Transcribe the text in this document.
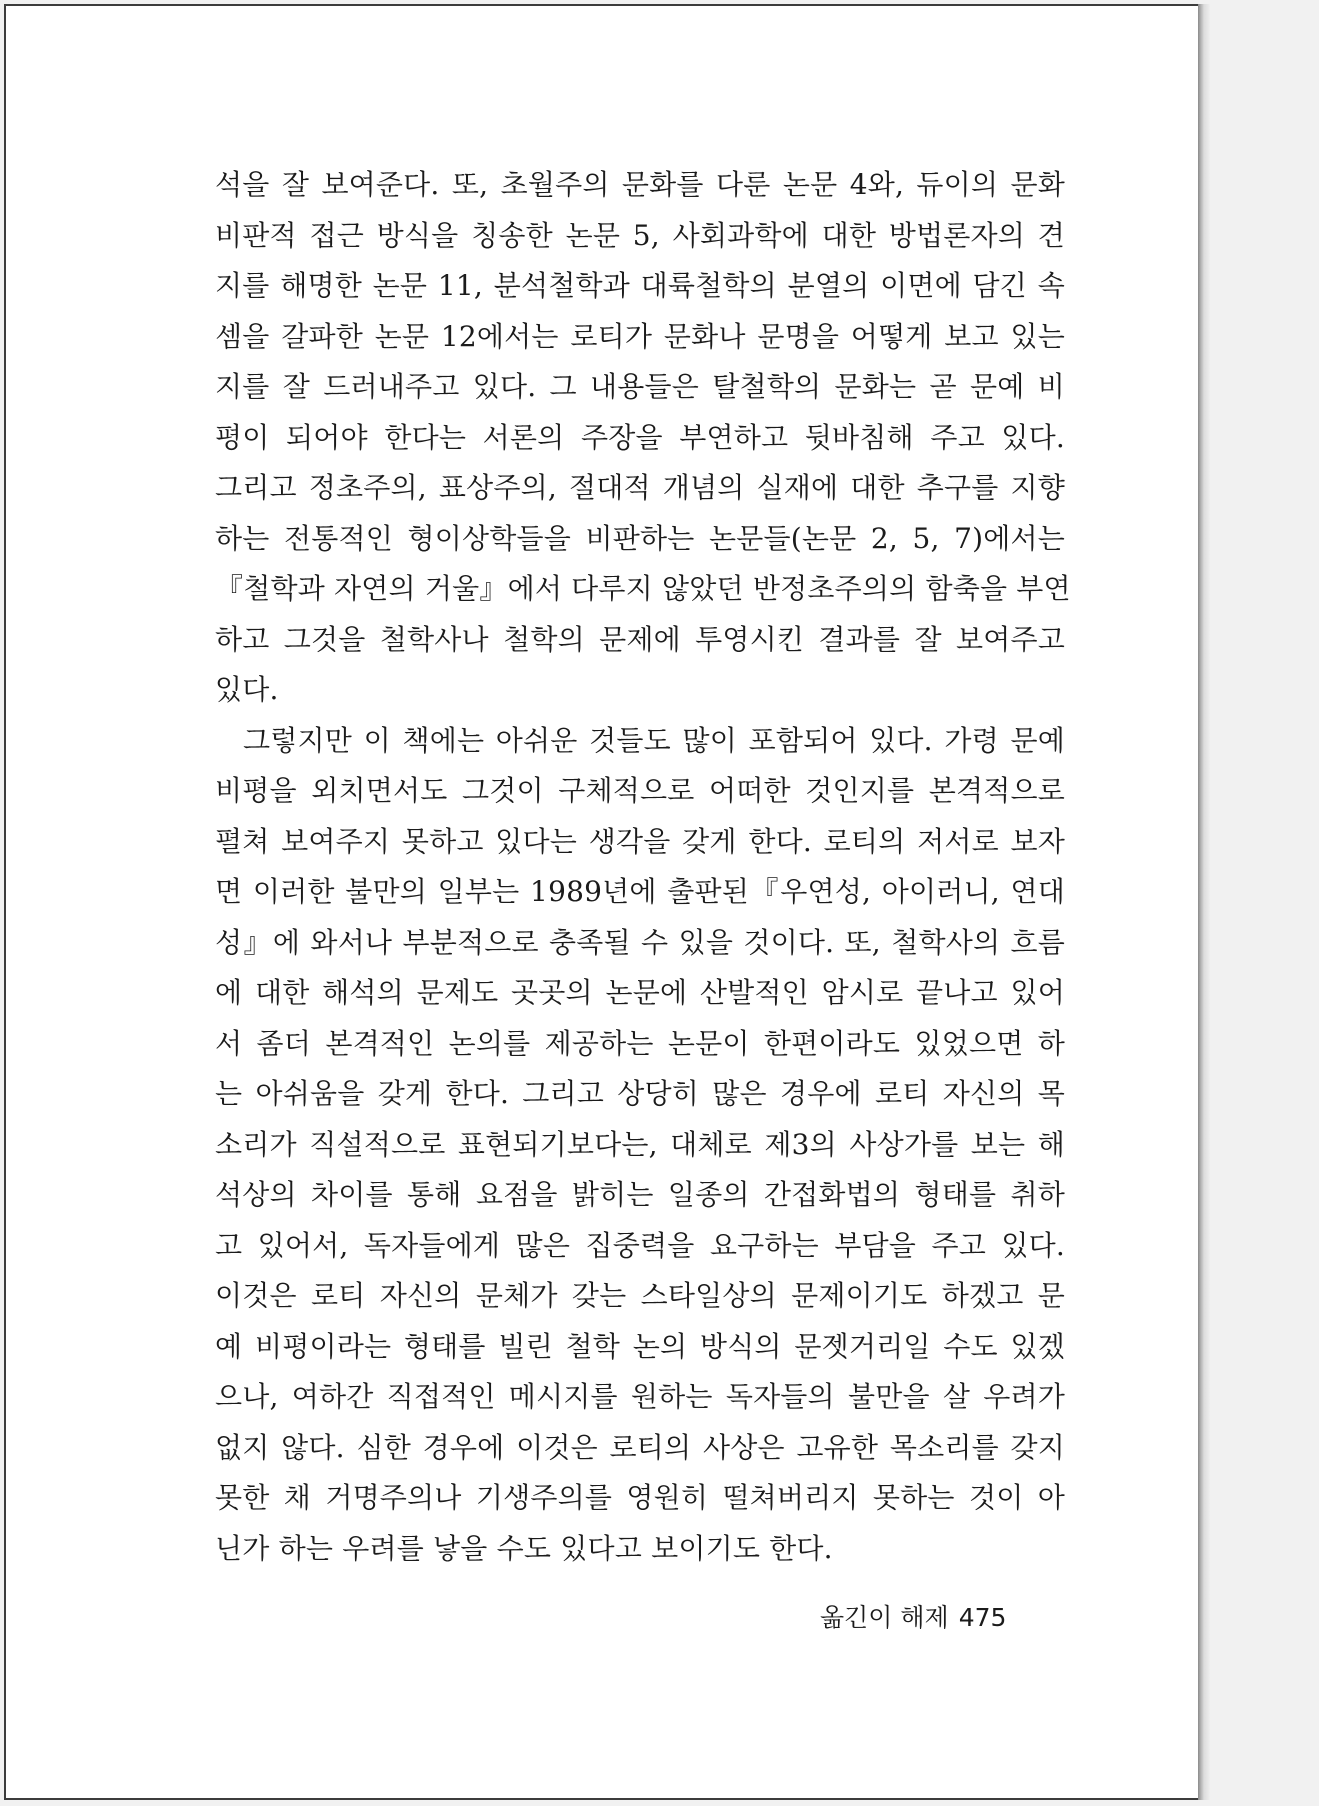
석을 잘 보여준다. 또, 초월주의 문화를 다룬 논문 4와, 듀이의 문화
비판적 접근 방식을 칭송한 논문 5, 사회과학에 대한 방법론자의 견
지를 해명한 논문 11, 분석철학과 대륙철학의 분열의 이면에 담긴 속
셈을 갈파한 논문 12에서는 로티가 문화나 문명을 어떻게 보고 있는
지를 잘 드러내주고 있다. 그 내용들은 탈철학의 문화는 곧 문예 비
평이 되어야 한다는 서론의 주장을 부연하고 뒷바침해 주고 있다.
그리고 정초주의, 표상주의, 절대적 개념의 실재에 대한 추구를 지향
하는 전통적인 형이상학들을 비판하는 논문들(논문 2, 5, 7)에서는
『철학과 자연의 거울』에서 다루지 않았던 반정초주의의 함축을 부연
하고 그것을 철학사나 철학의 문제에 투영시킨 결과를 잘 보여주고
있다.
그렇지만 이 책에는 아쉬운 것들도 많이 포함되어 있다. 가령 문예
비평을 외치면서도 그것이 구체적으로 어떠한 것인지를 본격적으로
펼쳐 보여주지 못하고 있다는 생각을 갖게 한다. 로티의 저서로 보자
면 이러한 불만의 일부는 1989년에 출판된『우연성, 아이러니, 연대
성』에 와서나 부분적으로 충족될 수 있을 것이다. 또, 철학사의 흐름
에 대한 해석의 문제도 곳곳의 논문에 산발적인 암시로 끝나고 있어
서 좀더 본격적인 논의를 제공하는 논문이 한편이라도 있었으면 하
는 아쉬움을 갖게 한다. 그리고 상당히 많은 경우에 로티 자신의 목
소리가 직설적으로 표현되기보다는, 대체로 제3의 사상가를 보는 해
석상의 차이를 통해 요점을 밝히는 일종의 간접화법의 형태를 취하
고 있어서, 독자들에게 많은 집중력을 요구하는 부담을 주고 있다.
이것은 로티 자신의 문체가 갖는 스타일상의 문제이기도 하겠고 문
예 비평이라는 형태를 빌린 철학 논의 방식의 문젯거리일 수도 있겠
으나, 여하간 직접적인 메시지를 원하는 독자들의 불만을 살 우려가
없지 않다. 심한 경우에 이것은 로티의 사상은 고유한 목소리를 갖지
못한 채 거명주의나 기생주의를 영원히 떨쳐버리지 못하는 것이 아
닌가 하는 우려를 낳을 수도 있다고 보이기도 한다.
옮긴이 해제 475
